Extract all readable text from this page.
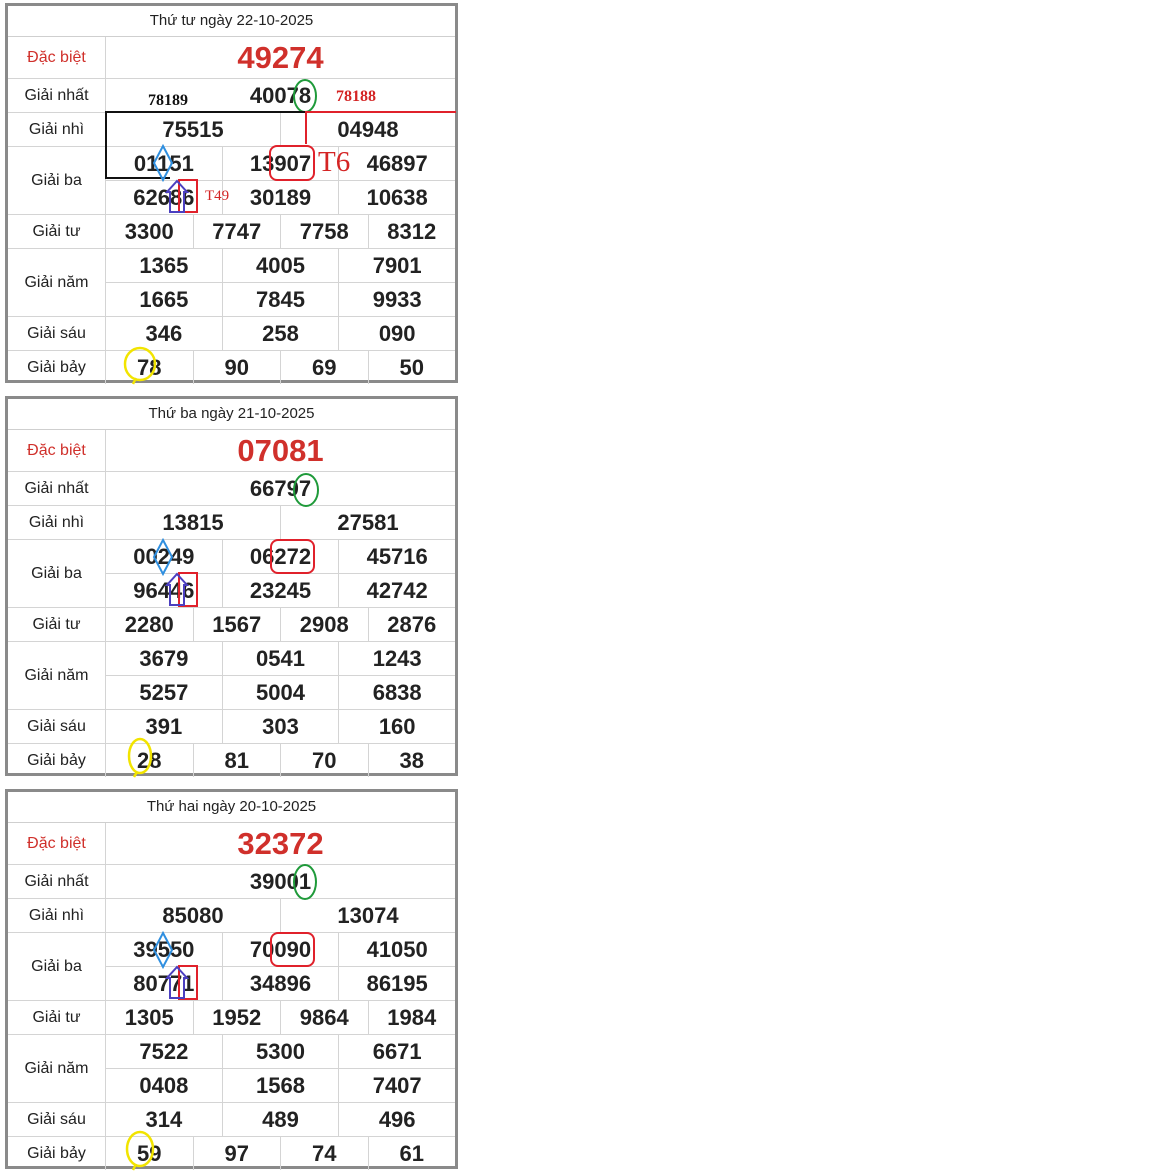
Thứ tư ngày 22-10-2025
Đặc biệt	49274
Giải nhất	40078
Giải nhì	75515	04948
Giải ba
01151	13907	46897
62686	30189	10638
Giải tư	3300	7747	7758	8312
Giải năm
1365	4005	7901
1665	7845	9933
Giải sáu	346	258	090
Giải bảy	78	90	69	50
Thứ ba ngày 21-10-2025
Đặc biệt	07081
Giải nhất	66797
Giải nhì	13815	27581
Giải ba
00249	06272	45716
96446	23245	42742
Giải tư	2280	1567	2908	2876
Giải năm
3679	0541	1243
5257	5004	6838
Giải sáu	391	303	160
Giải bảy	28	81	70	38
Thứ hai ngày 20-10-2025
Đặc biệt	32372
Giải nhất	39001
Giải nhì	85080	13074
Giải ba
39550	70090	41050
80771	34896	86195
Giải tư	1305	1952	9864	1984
Giải năm
7522	5300	6671
0408	1568	7407
Giải sáu	314	489	496
Giải bảy	59	97	74	61
78189	78188
T6
T49
